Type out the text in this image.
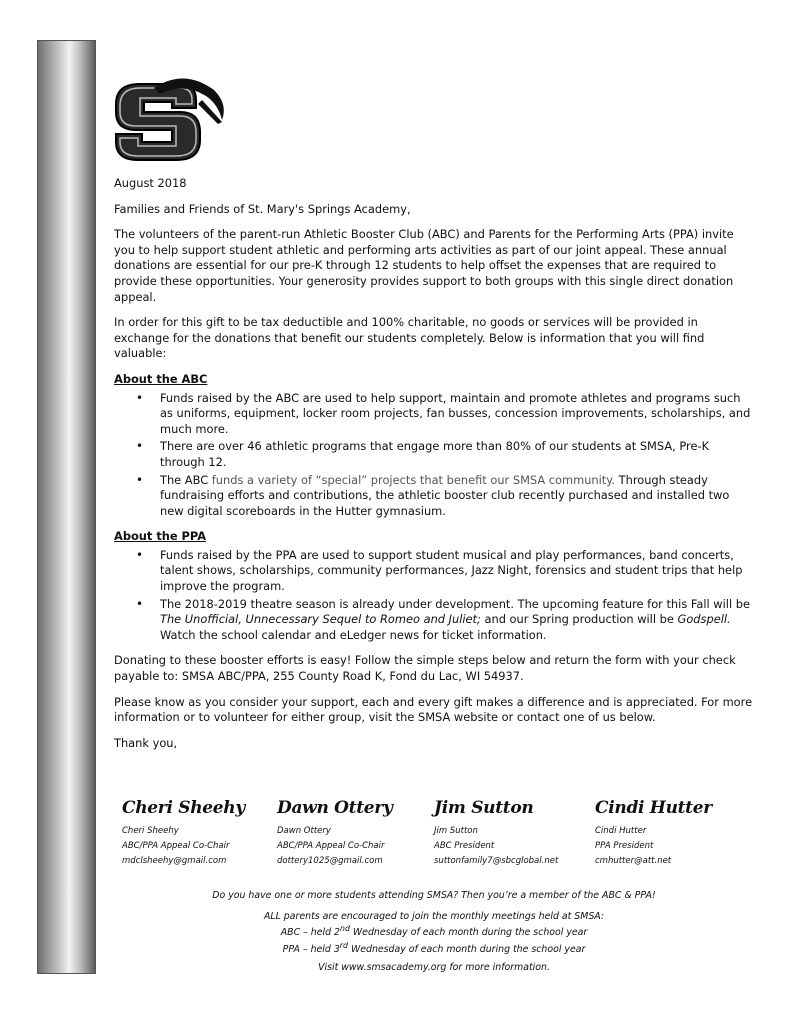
August 2018

Families and Friends of St. Mary's Springs Academy,

The volunteers of the parent-run Athletic Booster Club (ABC) and Parents for the Performing Arts (PPA) invite you to help support student athletic and performing arts activities as part of our joint appeal. These annual donations are essential for our pre-K through 12 students to help offset the expenses that are required to provide these opportunities. Your generosity provides support to both groups with this single direct donation appeal.

In order for this gift to be tax deductible and 100% charitable, no goods or services will be provided in exchange for the donations that benefit our students completely. Below is information that you will find valuable:

About the ABC
• Funds raised by the ABC are used to help support, maintain and promote athletes and programs such as uniforms, equipment, locker room projects, fan busses, concession improvements, scholarships, and much more.
• There are over 46 athletic programs that engage more than 80% of our students at SMSA, Pre-K through 12.
• The ABC funds a variety of “special” projects that benefit our SMSA community. Through steady fundraising efforts and contributions, the athletic booster club recently purchased and installed two new digital scoreboards in the Hutter gymnasium.
About the PPA
• Funds raised by the PPA are used to support student musical and play performances, band concerts, talent shows, scholarships, community performances, Jazz Night, forensics and student trips that help improve the program.
• The 2018-2019 theatre season is already under development. The upcoming feature for this Fall will be The Unofficial, Unnecessary Sequel to Romeo and Juliet; and our Spring production will be Godspell. Watch the school calendar and eLedger news for ticket information.

Donating to these booster efforts is easy! Follow the simple steps below and return the form with your check payable to: SMSA ABC/PPA, 255 County Road K, Fond du Lac, WI 54937.

Please know as you consider your support, each and every gift makes a difference and is appreciated. For more information or to volunteer for either group, visit the SMSA website or contact one of us below.

Thank you,

Cheri Sheehy
Cheri Sheehy
ABC/PPA Appeal Co-Chair
mdclsheehy@gmail.com
Dawn Ottery
Dawn Ottery
ABC/PPA Appeal Co-Chair
dottery1025@gmail.com
Jim Sutton
Jim Sutton
ABC President
suttonfamily7@sbcglobal.net
Cindi Hutter
Cindi Hutter
PPA President
cmhutter@att.net
Do you have one or more students attending SMSA? Then you’re a member of the ABC & PPA!
ALL parents are encouraged to join the monthly meetings held at SMSA:
ABC – held 2nd Wednesday of each month during the school year
PPA – held 3rd Wednesday of each month during the school year
Visit www.smsacademy.org for more information.
